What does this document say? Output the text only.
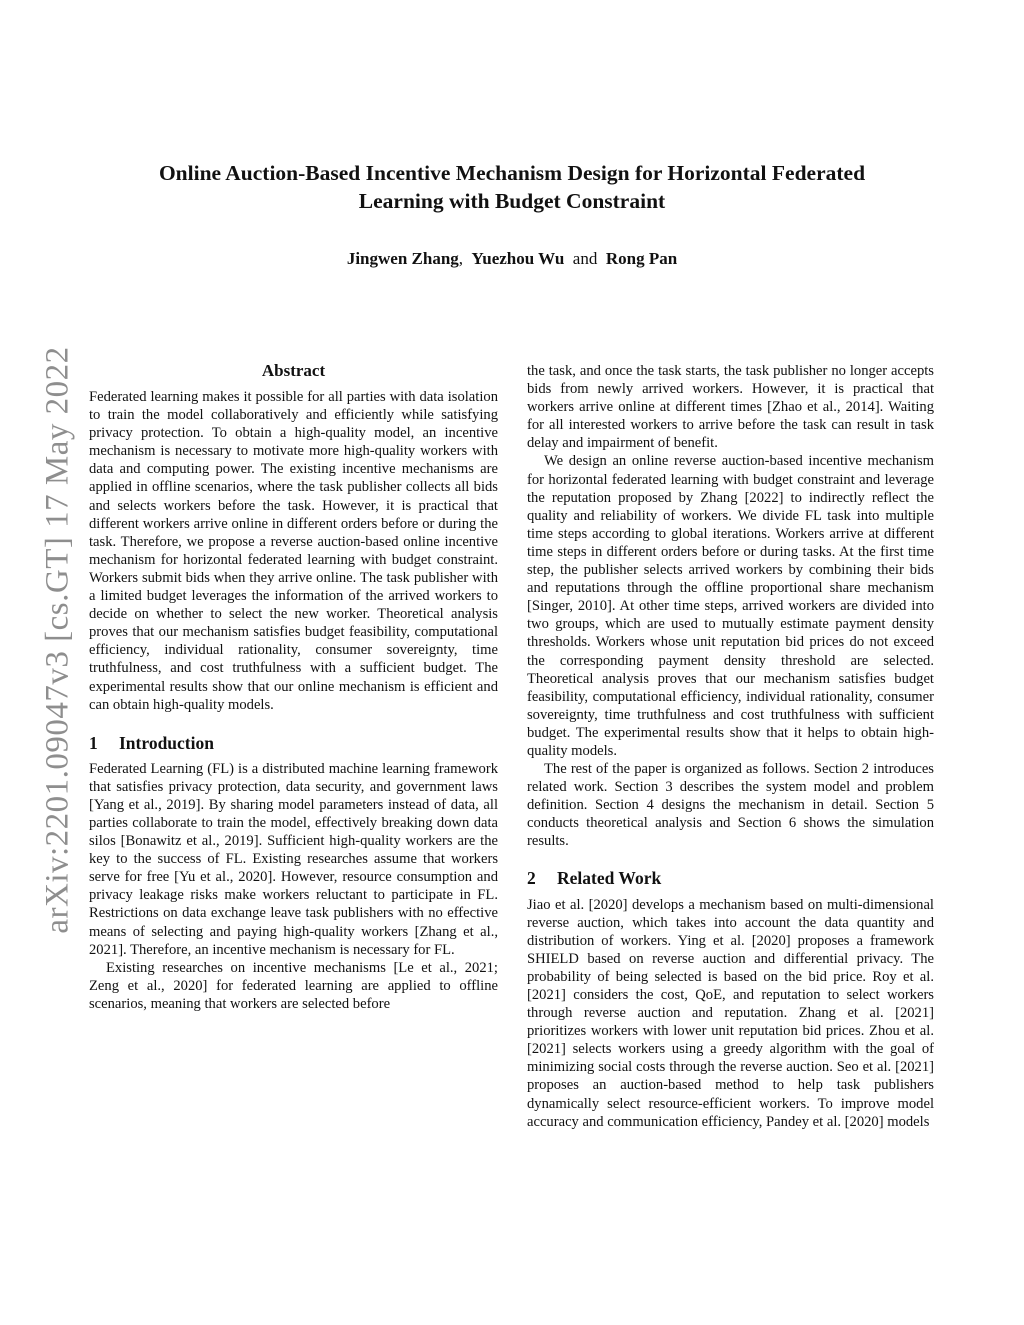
Online Auction-Based Incentive Mechanism Design for Horizontal Federated
Learning with Budget Constraint
Jingwen Zhang, Yuezhou Wu and Rong Pan
arXiv:2201.09047v3 [cs.GT] 17 May 2022	Abstract

Federated learning makes it possible for all parties with data isolation to train the model collaboratively and efficiently while satisfying privacy protection. To obtain a high-quality model, an incentive mechanism is necessary to motivate more high-quality workers with data and computing power. The existing incentive mechanisms are applied in offline scenarios, where the task publisher collects all bids and selects workers before the task. However, it is practical that different workers arrive online in different orders before or during the task. Therefore, we propose a reverse auction-based online incentive mechanism for horizontal federated learning with budget constraint. Workers submit bids when they arrive online. The task publisher with a limited budget leverages the information of the arrived workers to decide on whether to select the new worker. Theoretical analysis proves that our mechanism satisfies budget feasibility, computational efficiency, individual rationality, consumer sovereignty, time truthfulness, and cost truthfulness with a sufficient budget. The experimental results show that our online mechanism is efficient and can obtain high-quality models.

1 Introduction

Federated Learning (FL) is a distributed machine learning framework that satisfies privacy protection, data security, and government laws [Yang et al., 2019]. By sharing model parameters instead of data, all parties collaborate to train the model, effectively breaking down data silos [Bonawitz et al., 2019]. Sufficient high-quality workers are the key to the success of FL. Existing researches assume that workers serve for free [Yu et al., 2020]. However, resource consumption and privacy leakage risks make workers reluctant to participate in FL. Restrictions on data exchange leave task publishers with no effective means of selecting and paying high-quality workers [Zhang et al., 2021]. Therefore, an incentive mechanism is necessary for FL.

Existing researches on incentive mechanisms [Le et al., 2021; Zeng et al., 2020] for federated learning are applied to offline scenarios, meaning that workers are selected before

the task, and once the task starts, the task publisher no longer accepts bids from newly arrived workers. However, it is practical that workers arrive online at different times [Zhao et al., 2014]. Waiting for all interested workers to arrive before the task can result in task delay and impairment of benefit.

We design an online reverse auction-based incentive mechanism for horizontal federated learning with budget constraint and leverage the reputation proposed by Zhang [2022] to indirectly reflect the quality and reliability of workers. We divide FL task into multiple time steps according to global iterations. Workers arrive at different time steps in different orders before or during tasks. At the first time step, the publisher selects arrived workers by combining their bids and reputations through the offline proportional share mechanism [Singer, 2010]. At other time steps, arrived workers are divided into two groups, which are used to mutually estimate payment density thresholds. Workers whose unit reputation bid prices do not exceed the corresponding payment density threshold are selected. Theoretical analysis proves that our mechanism satisfies budget feasibility, computational efficiency, individual rationality, consumer sovereignty, time truthfulness and cost truthfulness with sufficient budget. The experimental results show that it helps to obtain high-quality models.

The rest of the paper is organized as follows. Section 2 introduces related work. Section 3 describes the system model and problem definition. Section 4 designs the mechanism in detail. Section 5 conducts theoretical analysis and Section 6 shows the simulation results.

2 Related Work

Jiao et al. [2020] develops a mechanism based on multi-dimensional reverse auction, which takes into account the data quantity and distribution of workers. Ying et al. [2020] proposes a framework SHIELD based on reverse auction and differential privacy. The probability of being selected is based on the bid price. Roy et al. [2021] considers the cost, QoE, and reputation to select workers through reverse auction and reputation. Zhang et al. [2021] prioritizes workers with lower unit reputation bid prices. Zhou et al. [2021] selects workers using a greedy algorithm with the goal of minimizing social costs through the reverse auction. Seo et al. [2021] proposes an auction-based method to help task publishers dynamically select resource-efficient workers. To improve model accuracy and communication efficiency, Pandey et al. [2020] models
